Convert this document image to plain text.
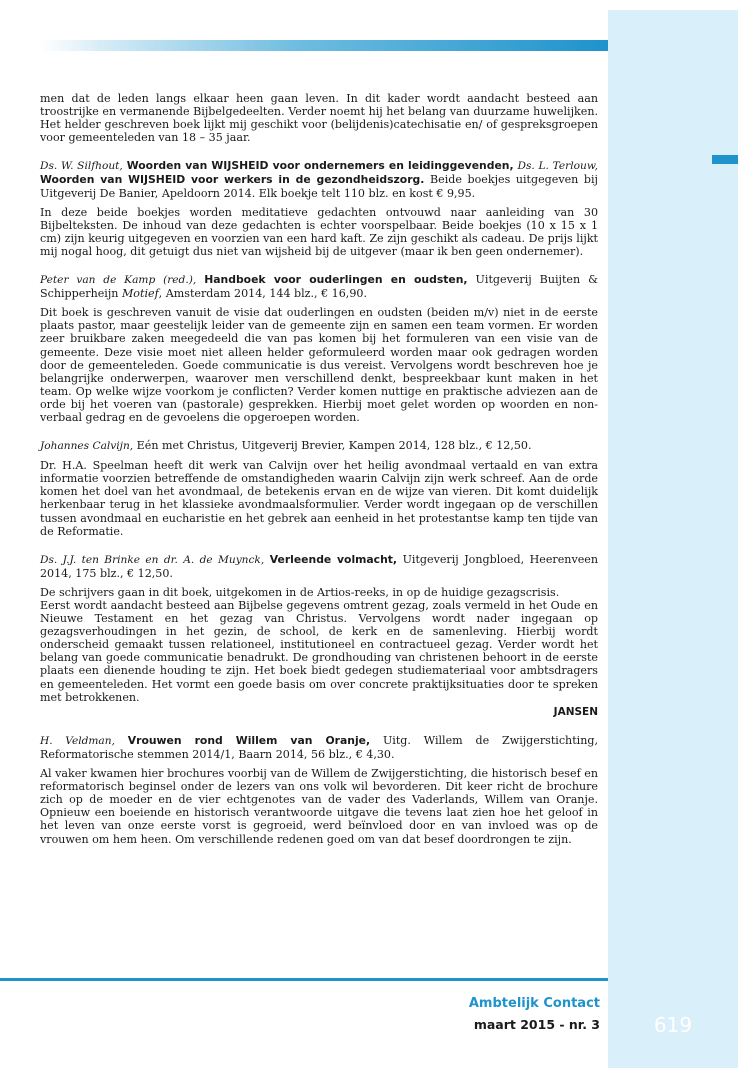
men dat de leden langs elkaar heen gaan leven. In dit kader wordt aandacht besteed aan troostrijke en vermanende Bijbelgedeelten. Verder noemt hij het belang van duurzame huwelijken. Het helder geschreven boek lijkt mij geschikt voor (belijdenis)catechisatie en/ of gespreksgroepen voor gemeenteleden van 18 – 35 jaar.

Ds. W. Silfhout, Woorden van WIJSHEID voor ondernemers en leidinggevenden, Ds. L. Terlouw, Woorden van WIJSHEID voor werkers in de gezondheidszorg. Beide boekjes uitgegeven bij Uitgeverij De Banier, Apeldoorn 2014. Elk boekje telt 110 blz. en kost € 9,95.

In deze beide boekjes worden meditatieve gedachten ontvouwd naar aanleiding van 30 Bijbelteksten. De inhoud van deze gedachten is echter voorspelbaar. Beide boekjes (10 x 15 x 1 cm) zijn keurig uitgegeven en voorzien van een hard kaft. Ze zijn geschikt als cadeau. De prijs lijkt mij nogal hoog, dit getuigt dus niet van wijsheid bij de uitgever (maar ik ben geen ondernemer).

Peter van de Kamp (red.), Handboek voor ouderlingen en oudsten, Uitgeverij Buijten & Schipperheijn Motief, Amsterdam 2014, 144 blz., € 16,90.

Dit boek is geschreven vanuit de visie dat ouderlingen en oudsten (beiden m/v) niet in de eerste plaats pastor, maar geestelijk leider van de gemeente zijn en samen een team vormen. Er worden zeer bruikbare zaken meegedeeld die van pas komen bij het formuleren van een visie van de gemeente. Deze visie moet niet alleen helder geformuleerd worden maar ook gedragen worden door de gemeenteleden. Goede communicatie is dus vereist. Vervolgens wordt beschreven hoe je belangrijke onderwerpen, waarover men verschillend denkt, bespreekbaar kunt maken in het team. Op welke wijze voorkom je conflicten? Verder komen nuttige en praktische adviezen aan de orde bij het voeren van (pastorale) gesprekken. Hierbij moet gelet worden op woorden en non-verbaal gedrag en de gevoelens die opgeroepen worden.

Johannes Calvijn, Eén met Christus, Uitgeverij Brevier, Kampen 2014, 128 blz., € 12,50.

Dr. H.A. Speelman heeft dit werk van Calvijn over het heilig avondmaal vertaald en van extra informatie voorzien betreffende de omstandigheden waarin Calvijn zijn werk schreef. Aan de orde komen het doel van het avondmaal, de betekenis ervan en de wijze van vieren. Dit komt duidelijk herkenbaar terug in het klassieke avondmaalsformulier. Verder wordt ingegaan op de verschillen tussen avondmaal en eucharistie en het gebrek aan eenheid in het protestantse kamp ten tijde van de Reformatie.

Ds. J.J. ten Brinke en dr. A. de Muynck, Verleende volmacht, Uitgeverij Jongbloed, Heerenveen 2014, 175 blz., € 12,50.

De schrijvers gaan in dit boek, uitgekomen in de Artios-reeks, in op de huidige gezagscrisis.

Eerst wordt aandacht besteed aan Bijbelse gegevens omtrent gezag, zoals vermeld in het Oude en Nieuwe Testament en het gezag van Christus. Vervolgens wordt nader ingegaan op gezagsverhoudingen in het gezin, de school, de kerk en de samenleving. Hierbij wordt onderscheid gemaakt tussen relationeel, institutioneel en contractueel gezag. Verder wordt het belang van goede communicatie benadrukt. De grondhouding van christenen behoort in de eerste plaats een dienende houding te zijn. Het boek biedt gedegen studiemateriaal voor ambtsdragers en gemeenteleden. Het vormt een goede basis om over concrete praktijksituaties door te spreken met betrokkenen.

JANSEN

H. Veldman, Vrouwen rond Willem van Oranje, Uitg. Willem de Zwijgerstichting, Reformatorische stemmen 2014/1, Baarn 2014, 56 blz., € 4,30.

Al vaker kwamen hier brochures voorbij van de Willem de Zwijgerstichting, die historisch besef en reformatorisch beginsel onder de lezers van ons volk wil bevorderen. Dit keer richt de brochure zich op de moeder en de vier echtgenotes van de vader des Vaderlands, Willem van Oranje. Opnieuw een boeiende en historisch verantwoorde uitgave die tevens laat zien hoe het geloof in het leven van onze eerste vorst is gegroeid, werd beïnvloed door en van invloed was op de vrouwen om hem heen. Om verschillende redenen goed om van dat besef doordrongen te zijn.

Ambtelijk Contact
maart 2015 - nr. 3	619
